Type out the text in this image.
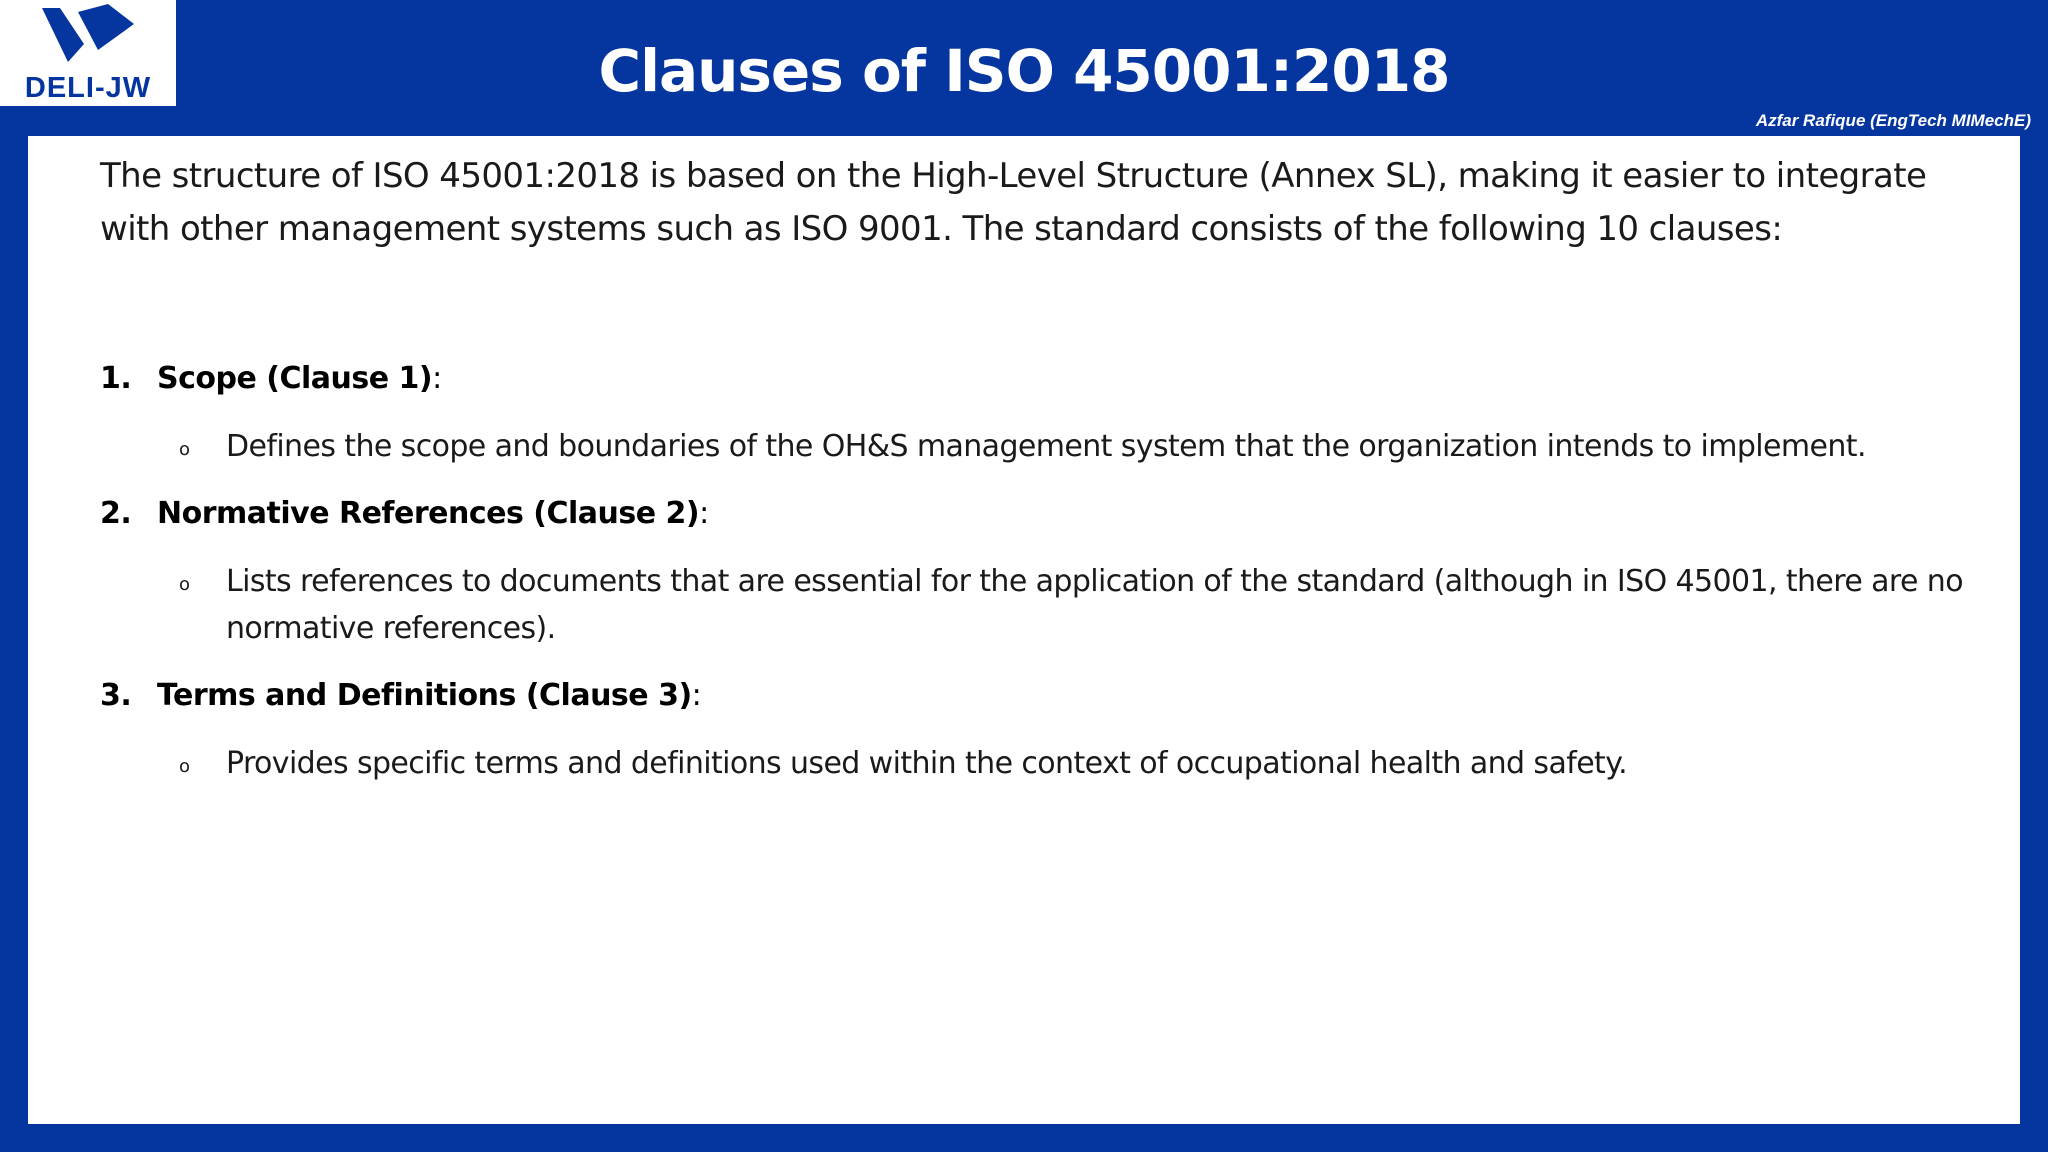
DELI-JW	Clauses of ISO 45001:2018
Azfar Rafique (EngTech MIMechE)

The structure of ISO 45001:2018 is based on the High-Level Structure (Annex SL), making it easier to integrate with other management systems such as ISO 9001. The standard consists of the following 10 clauses:

1. Scope (Clause 1):
o Defines the scope and boundaries of the OH&S management system that the organization intends to implement.
2. Normative References (Clause 2):
o Lists references to documents that are essential for the application of the standard (although in ISO 45001, there are no normative references).
3. Terms and Definitions (Clause 3):
o Provides specific terms and definitions used within the context of occupational health and safety.
